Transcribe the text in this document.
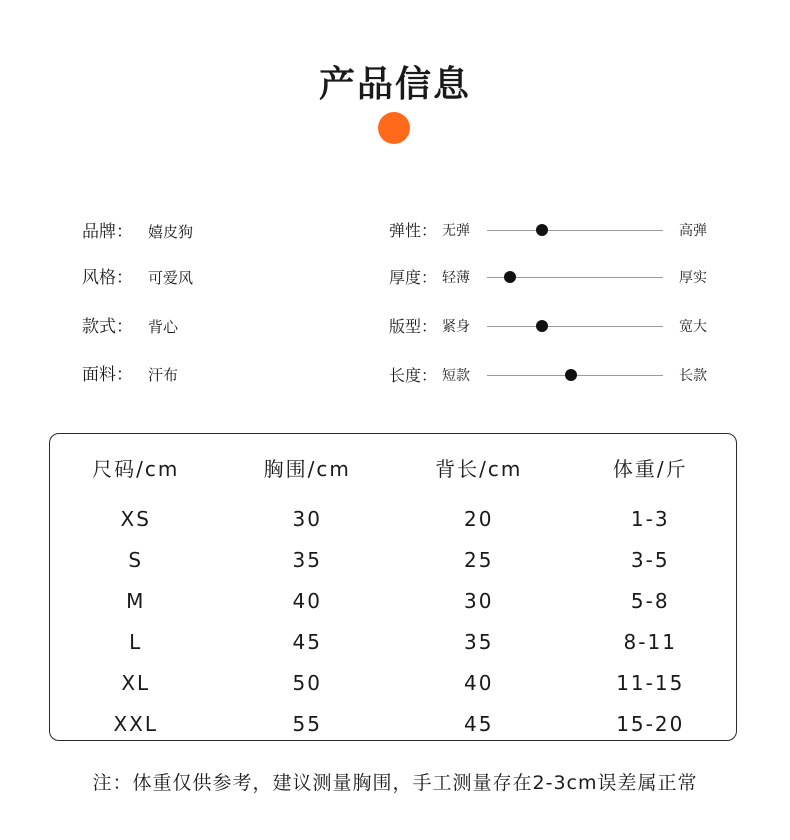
产品信息
品牌： 嬉皮狗
风格： 可爱风
款式： 背心
面料： 汗布
弹性： 无弹	高弹
厚度： 轻薄	厚实
版型： 紧身	宽大
长度： 短款	长款
尺码/cm	胸围/cm	背长/cm	体重/斤
XS	30	20	1-3
S	35	25	3-5
M	40	30	5-8
L	45	35	8-11
XL	50	40	11-15
XXL	55	45	15-20
注：体重仅供参考，建议测量胸围，手工测量存在2-3cm误差属正常
